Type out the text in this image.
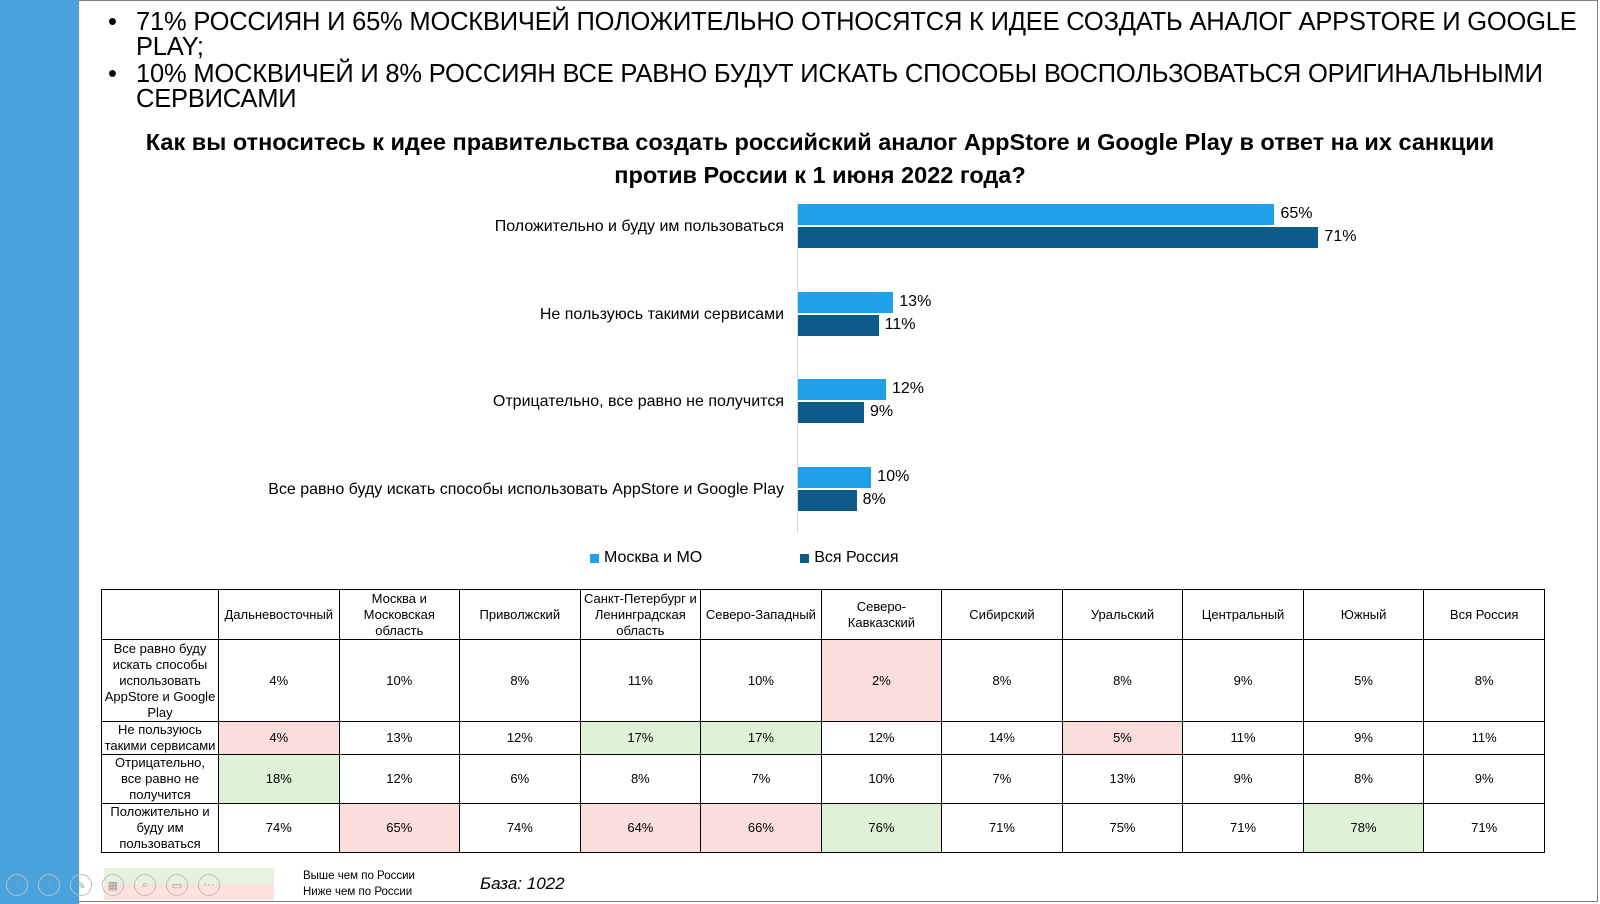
• 71% РОССИЯН И 65% МОСКВИЧЕЙ ПОЛОЖИТЕЛЬНО ОТНОСЯТСЯ К ИДЕЕ СОЗДАТЬ АНАЛОГ APPSTORE И GOOGLE PLAY;
• 10% МОСКВИЧЕЙ И 8% РОССИЯН ВСЕ РАВНО БУДУТ ИСКАТЬ СПОСОБЫ ВОСПОЛЬЗОВАТЬСЯ ОРИГИНАЛЬНЫМИ СЕРВИСАМИ
Как вы относитесь к идее правительства создать российский аналог AppStore и Google Play в ответ на их санкции против России к 1 июня 2022 года?
Положительно и буду им пользоваться
65%
71%
Не пользуюсь такими сервисами
13%
11%
Отрицательно, все равно не получится
12%
9%
Все равно буду искать способы использовать AppStore и Google Play
10%
8%
Москва и МО	Вся Россия
	Дальневосточный	Москва и Московская область	Приволжский	Санкт-Петербург и Ленинградская область	Северо-Западный	Северо-Кавказский	Сибирский	Уральский	Центральный	Южный	Вся Россия
Все равно буду искать способы использовать AppStore и Google Play	4%	10%	8%	11%	10%	2%	8%	8%	9%	5%	8%
Не пользуюсь такими сервисами	4%	13%	12%	17%	17%	12%	14%	5%	11%	9%	11%
Отрицательно, все равно не получится	18%	12%	6%	8%	7%	10%	7%	13%	9%	8%	9%
Положительно и буду им пользоваться	74%	65%	74%	64%	66%	76%	71%	75%	71%	78%	71%
‹	›	✎	▦	⌕	▭	···
Выше чем по России
Ниже чем по России	База: 1022
